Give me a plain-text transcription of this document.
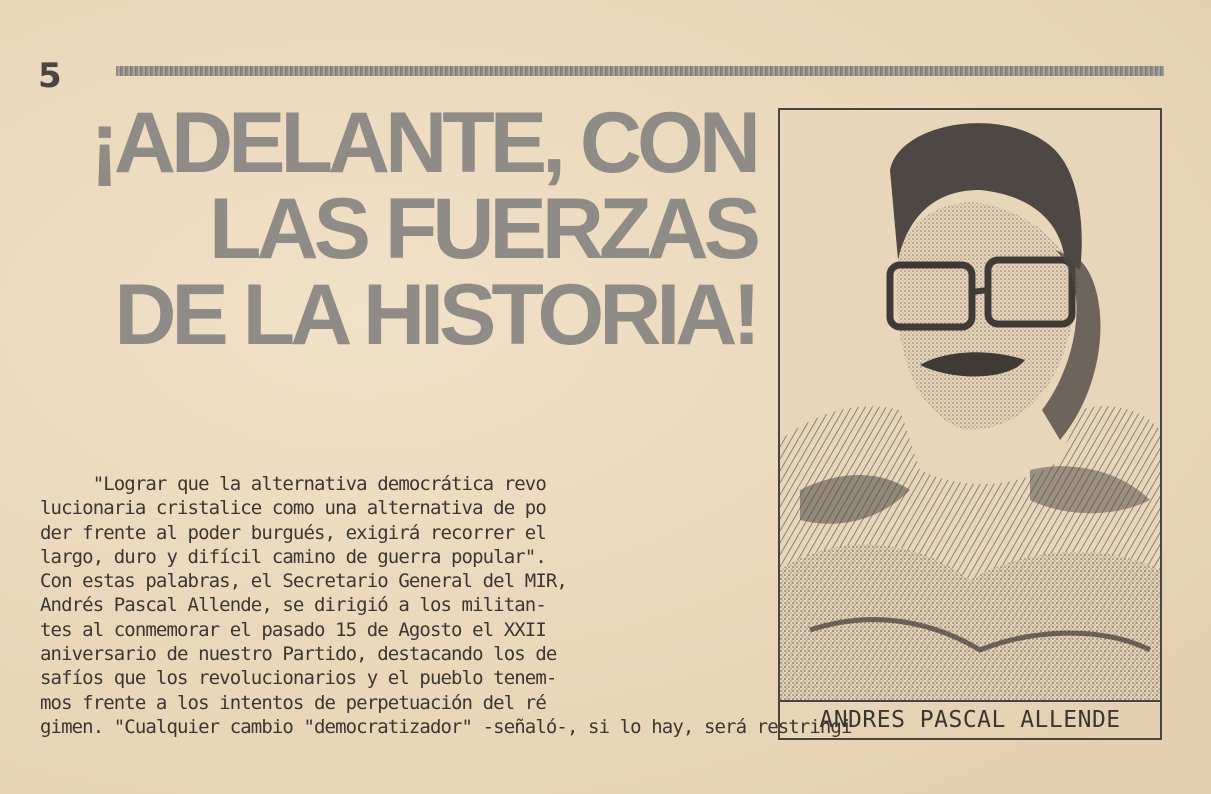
5
¡ADELANTE, CON
LAS FUERZAS
DE LA HISTORIA!
ANDRES PASCAL ALLENDE
"Lograr que la alternativa democrática revo
lucionaria cristalice como una alternativa de po
der frente al poder burgués, exigirá recorrer el
largo, duro y difícil camino de guerra popular".
Con estas palabras, el Secretario General del MIR,
Andrés Pascal Allende, se dirigió a los militan-
tes al conmemorar el pasado 15 de Agosto el XXII
aniversario de nuestro Partido, destacando los de
safíos que los revolucionarios y el pueblo tenem-
mos frente a los intentos de perpetuación del ré
gimen. "Cualquier cambio "democratizador" -señaló-, si lo hay, será restringi
